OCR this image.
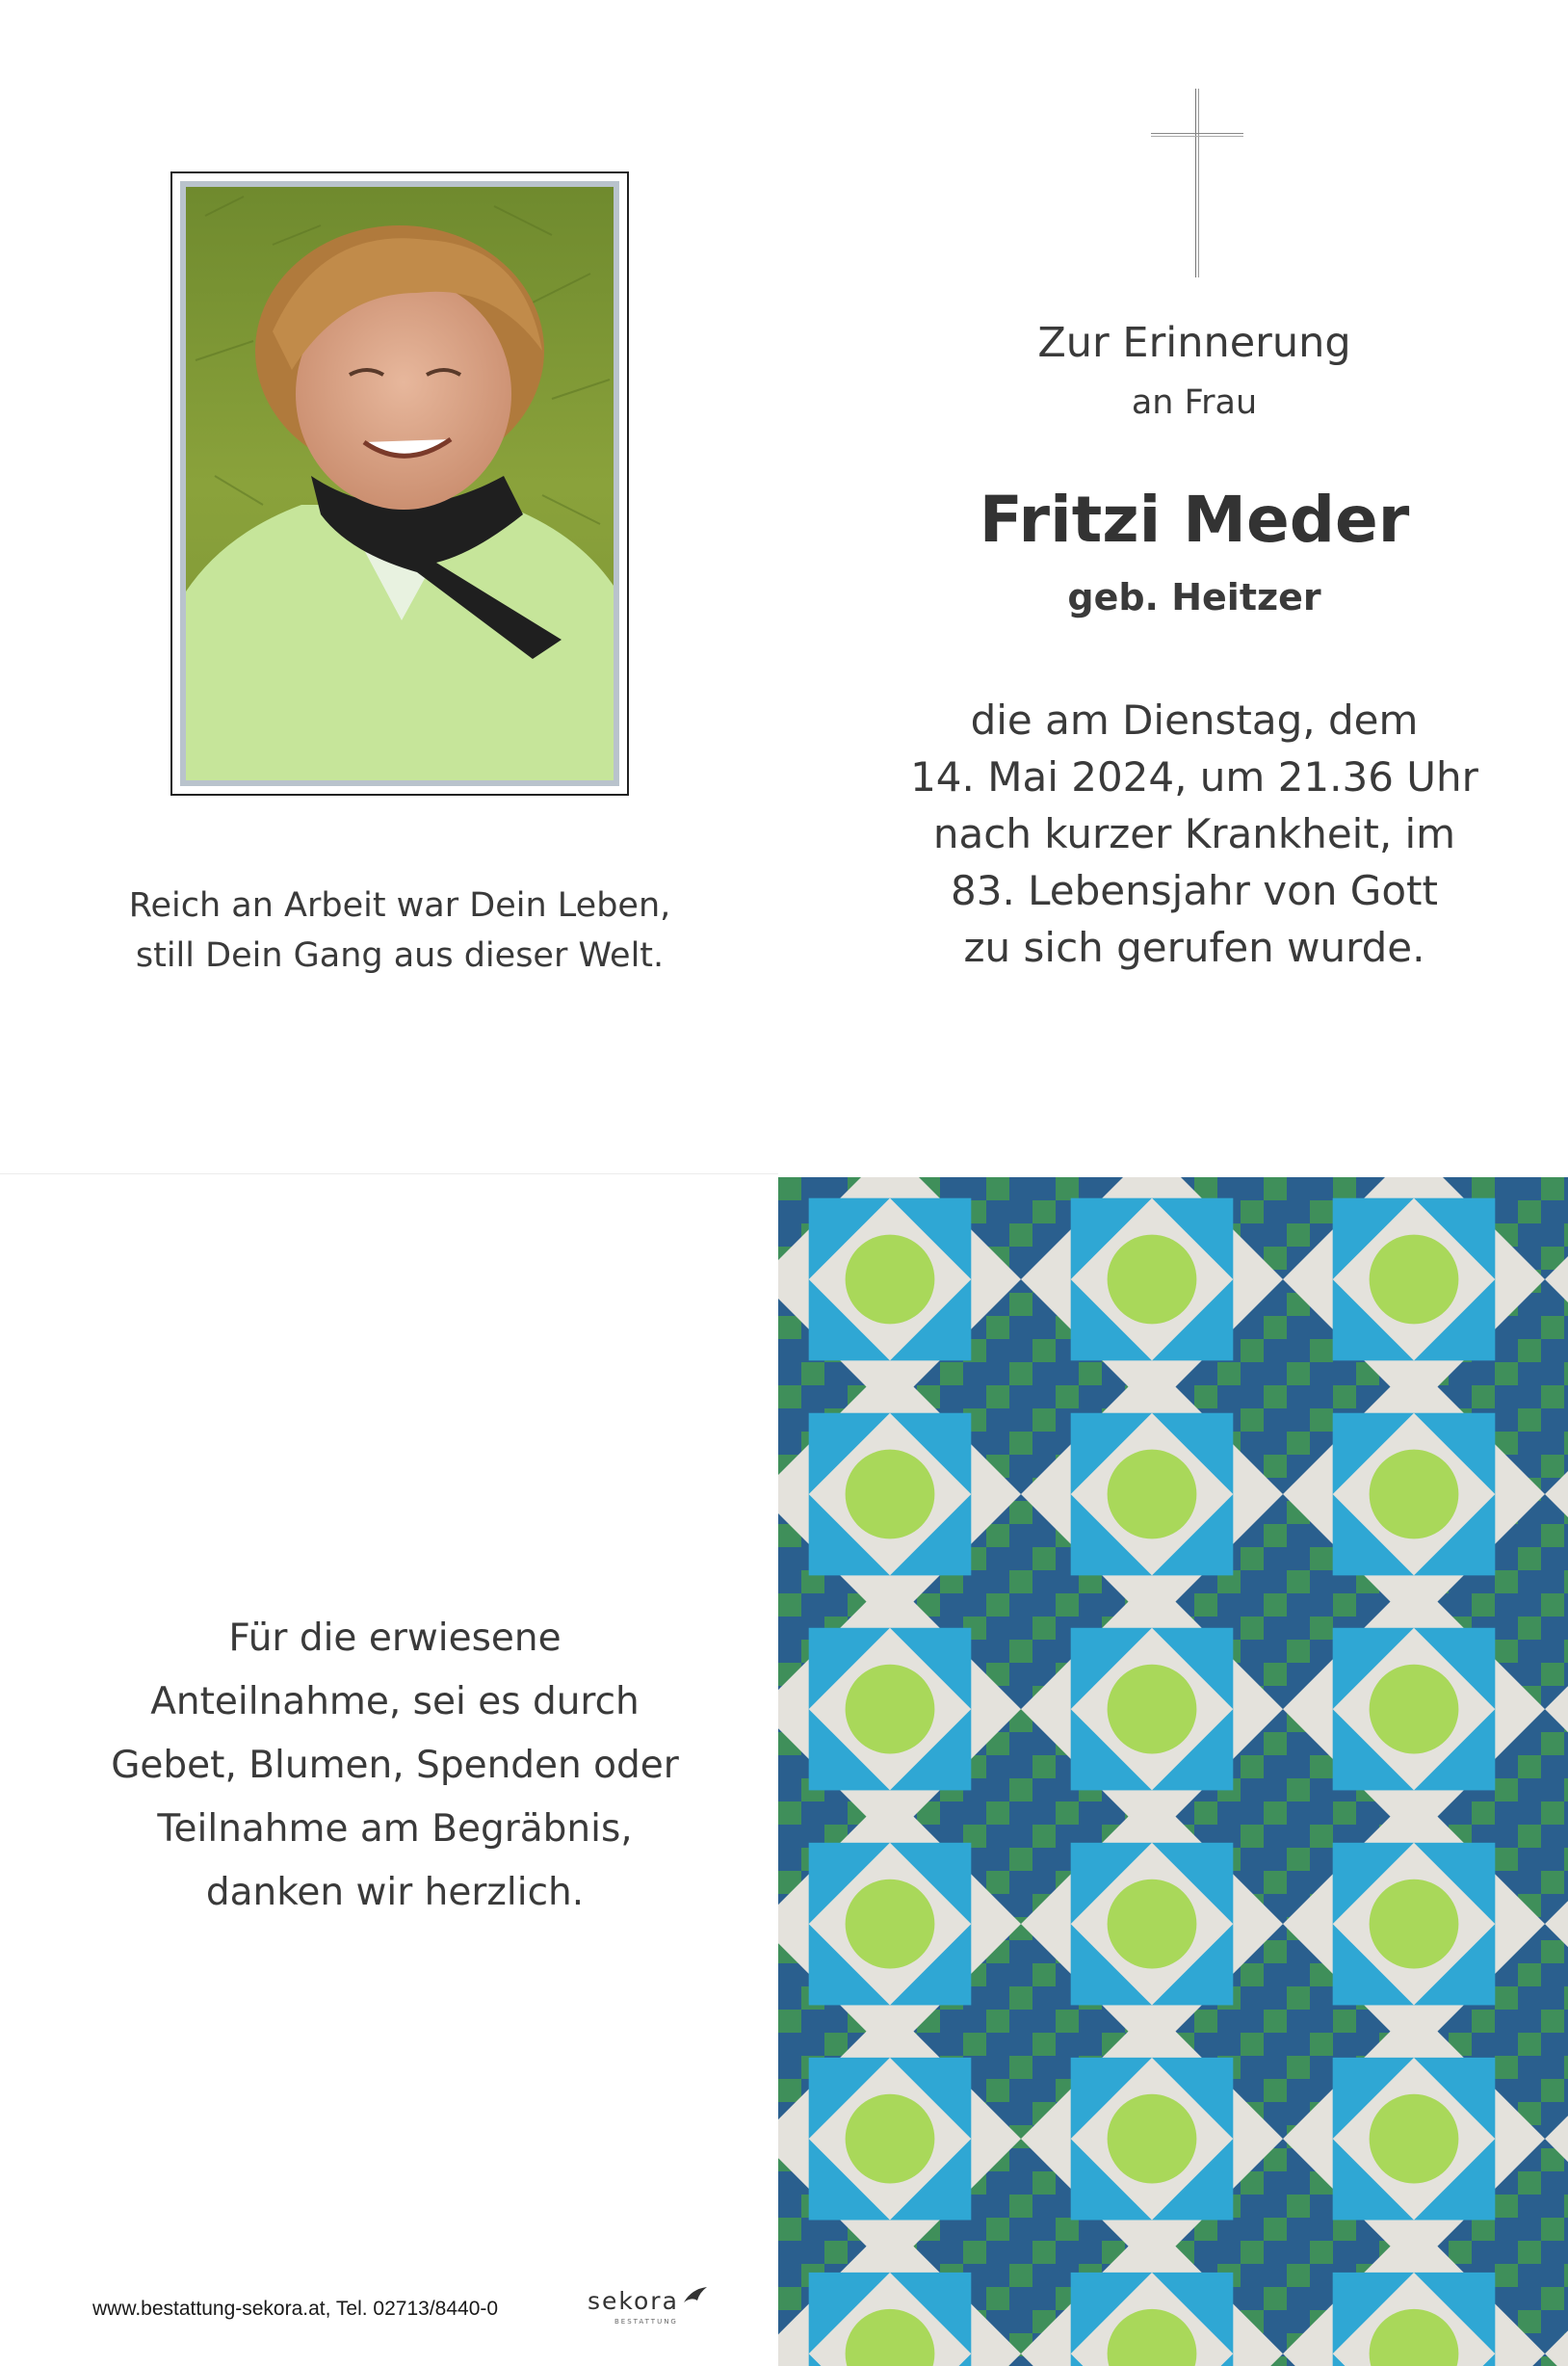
Zur Erinnerung
an Frau
Fritzi Meder
geb. Heitzer
die am Dienstag, dem
14. Mai 2024, um 21.36 Uhr
nach kurzer Krankheit, im
83. Lebensjahr von Gott
zu sich gerufen wurde.
Reich an Arbeit war Dein Leben,
still Dein Gang aus dieser Welt.
Für die erwiesene
Anteilnahme, sei es durch
Gebet, Blumen, Spenden oder
Teilnahme am Begräbnis,
danken wir herzlich.
www.bestattung-sekora.at, Tel. 02713/8440-0	sekora
BESTATTUNG
